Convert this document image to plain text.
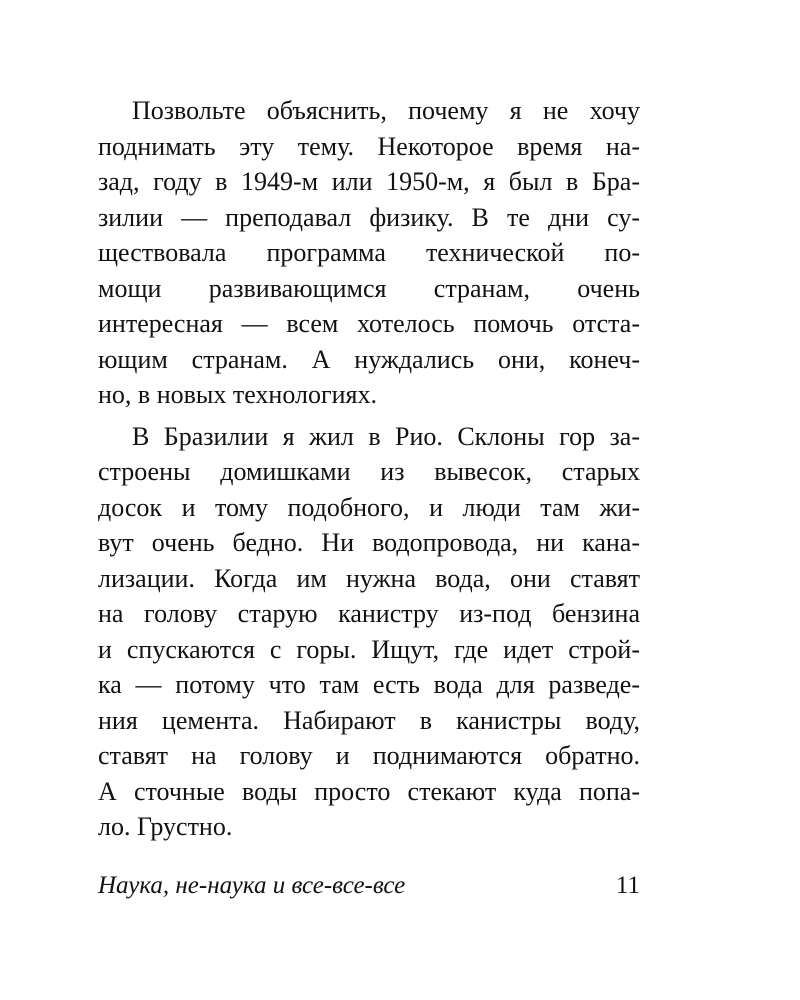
Позвольте объяснить, почему я не хочу
поднимать эту тему. Некоторое время на-
зад, году в 1949-м или 1950-м, я был в Бра-
зилии — преподавал физику. В те дни су-
ществовала программа технической по-
мощи развивающимся странам, очень
интересная — всем хотелось помочь отста-
ющим странам. А нуждались они, конеч-
но, в новых технологиях.
В Бразилии я жил в Рио. Склоны гор за-
строены домишками из вывесок, старых
досок и тому подобного, и люди там жи-
вут очень бедно. Ни водопровода, ни кана-
лизации. Когда им нужна вода, они ставят
на голову старую канистру из-под бензина
и спускаются с горы. Ищут, где идет строй-
ка — потому что там есть вода для разведе-
ния цемента. Набирают в канистры воду,
ставят на голову и поднимаются обратно.
А сточные воды просто стекают куда попа-
ло. Грустно.
Наука, не-наука и все-все-все	11
